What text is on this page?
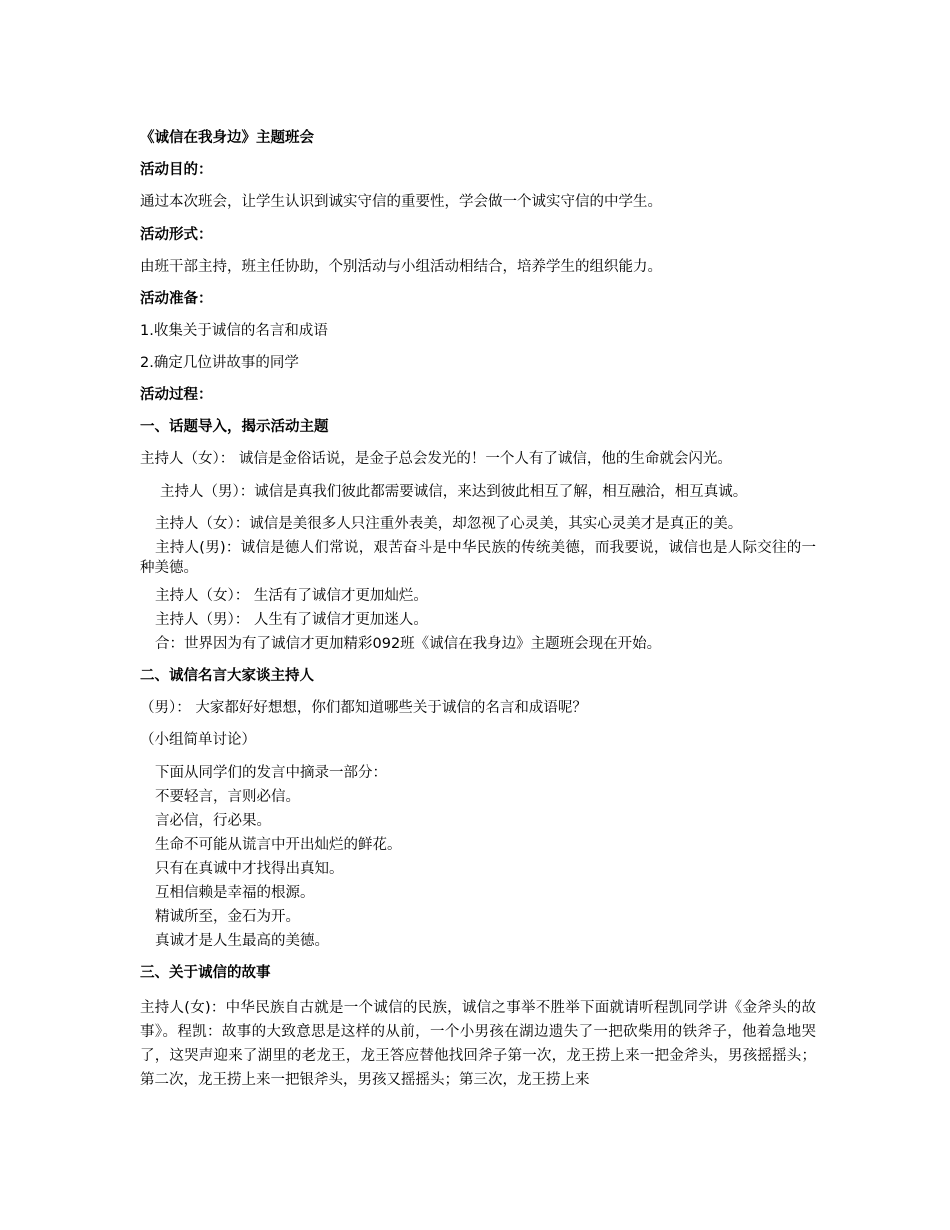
《诚信在我身边》主题班会

活动目的：

通过本次班会，让学生认识到诚实守信的重要性，学会做一个诚实守信的中学生。

活动形式：

由班干部主持，班主任协助，个别活动与小组活动相结合，培养学生的组织能力。

活动准备：

1.收集关于诚信的名言和成语

2.确定几位讲故事的同学

活动过程：

一、话题导入，揭示活动主题

主持人（女）： 诚信是金俗话说，是金子总会发光的！一个人有了诚信，他的生命就会闪光。

主持人（男）：诚信是真我们彼此都需要诚信，来达到彼此相互了解，相互融洽，相互真诚。

主持人（女）：诚信是美很多人只注重外表美，却忽视了心灵美，其实心灵美才是真正的美。

主持人(男)：诚信是德人们常说，艰苦奋斗是中华民族的传统美德，而我要说，诚信也是人际交往的一种美德。

主持人（女）： 生活有了诚信才更加灿烂。

主持人（男）： 人生有了诚信才更加迷人。

合：世界因为有了诚信才更加精彩092班《诚信在我身边》主题班会现在开始。

二、诚信名言大家谈主持人

（男）： 大家都好好想想，你们都知道哪些关于诚信的名言和成语呢？

（小组简单讨论）

下面从同学们的发言中摘录一部分：

不要轻言，言则必信。

言必信，行必果。

生命不可能从谎言中开出灿烂的鲜花。

只有在真诚中才找得出真知。

互相信赖是幸福的根源。

精诚所至，金石为开。

真诚才是人生最高的美德。

三、关于诚信的故事

主持人(女)：中华民族自古就是一个诚信的民族，诚信之事举不胜举下面就请听程凯同学讲《金斧头的故事》。程凯：故事的大致意思是这样的从前，一个小男孩在湖边遗失了一把砍柴用的铁斧子，他着急地哭了，这哭声迎来了湖里的老龙王，龙王答应替他找回斧子第一次，龙王捞上来一把金斧头，男孩摇摇头；第二次，龙王捞上来一把银斧头，男孩又摇摇头；第三次，龙王捞上来
